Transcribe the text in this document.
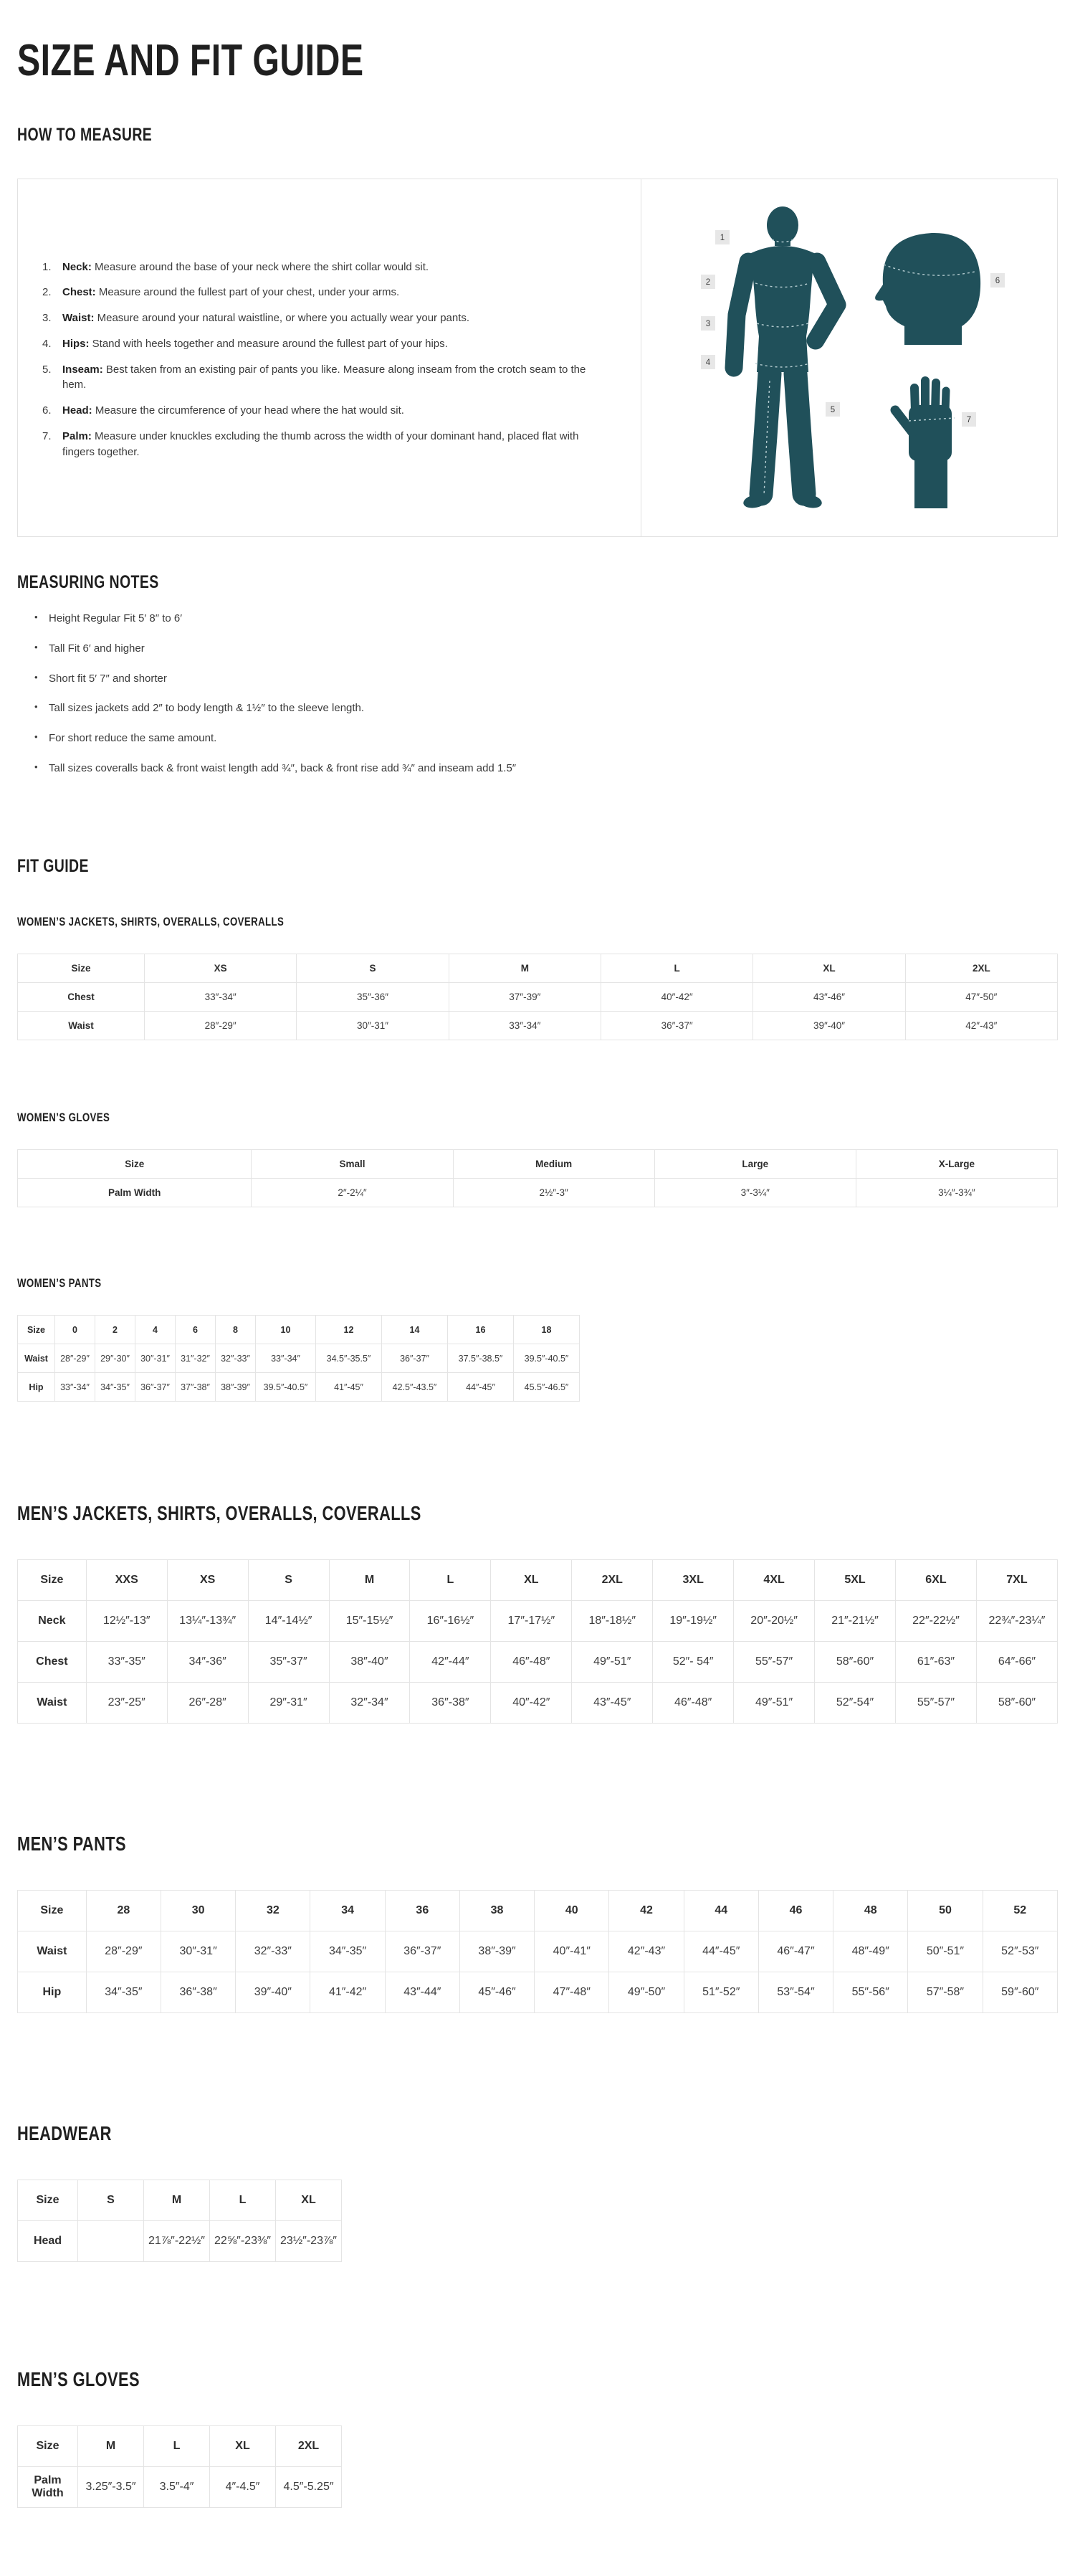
SIZE AND FIT GUIDE
HOW TO MEASURE
Neck: Measure around the base of your neck where the shirt collar would sit.
Chest: Measure around the fullest part of your chest, under your arms.
Waist: Measure around your natural waistline, or where you actually wear your pants.
Hips: Stand with heels together and measure around the fullest part of your hips.
Inseam: Best taken from an existing pair of pants you like. Measure along inseam from the crotch seam to the hem.
Head: Measure the circumference of your head where the hat would sit.
Palm: Measure under knuckles excluding the thumb across the width of your dominant hand, placed flat with fingers together.
1
2
3
4
5
6
7
MEASURING NOTES
• Height Regular Fit 5′ 8″ to 6′
• Tall Fit 6′ and higher
• Short fit 5′ 7″ and shorter
• Tall sizes jackets add 2″ to body length & 1½″ to the sleeve length.
• For short reduce the same amount.
• Tall sizes coveralls back & front waist length add ¾″, back & front rise add ¾″ and inseam add 1.5″
FIT GUIDE
WOMEN’S JACKETS, SHIRTS, OVERALLS, COVERALLS
Size	XS	S	M	L	XL	2XL
Chest	33″-34″	35″-36″	37″-39″	40″-42″	43″-46″	47″-50″
Waist	28″-29″	30″-31″	33″-34″	36″-37″	39″-40″	42″-43″
WOMEN’S GLOVES
Size	Small	Medium	Large	X-Large
Palm Width	2″-2¼″	2½″-3″	3″-3¼″	3¼″-3¾″
WOMEN’S PANTS
Size	0	2	4	6	8	10	12	14	16	18
Waist	28″-29″	29″-30″	30″-31″	31″-32″	32″-33″	33″-34″	34.5″-35.5″	36″-37″	37.5″-38.5″	39.5″-40.5″
Hip	33″-34″	34″-35″	36″-37″	37″-38″	38″-39″	39.5″-40.5″	41″-45″	42.5″-43.5″	44″-45″	45.5″-46.5″
MEN’S JACKETS, SHIRTS, OVERALLS, COVERALLS
Size	XXS	XS	S	M	L	XL	2XL	3XL	4XL	5XL	6XL	7XL
Neck	12½″-13″	13¼″-13¾″	14″-14½″	15″-15½″	16″-16½″	17″-17½″	18″-18½″	19″-19½″	20″-20½″	21″-21½″	22″-22½″	22¾″-23¼″
Chest	33″-35″	34″-36″	35″-37″	38″-40″	42″-44″	46″-48″	49″-51″	52″- 54″	55″-57″	58″-60″	61″-63″	64″-66″
Waist	23″-25″	26″-28″	29″-31″	32″-34″	36″-38″	40″-42″	43″-45″	46″-48″	49″-51″	52″-54″	55″-57″	58″-60″
MEN’S PANTS
Size	28	30	32	34	36	38	40	42	44	46	48	50	52
Waist	28″-29″	30″-31″	32″-33″	34″-35″	36″-37″	38″-39″	40″-41″	42″-43″	44″-45″	46″-47″	48″-49″	50″-51″	52″-53″
Hip	34″-35″	36″-38″	39″-40″	41″-42″	43″-44″	45″-46″	47″-48″	49″-50″	51″-52″	53″-54″	55″-56″	57″-58″	59″-60″
HEADWEAR
Size	S	M	L	XL
Head		21⅞″-22½″	22⅝″-23⅜″	23½″-23⅞″
MEN’S GLOVES
Size	M	L	XL	2XL
Palm Width	3.25″-3.5″	3.5″-4″	4″-4.5″	4.5″-5.25″
